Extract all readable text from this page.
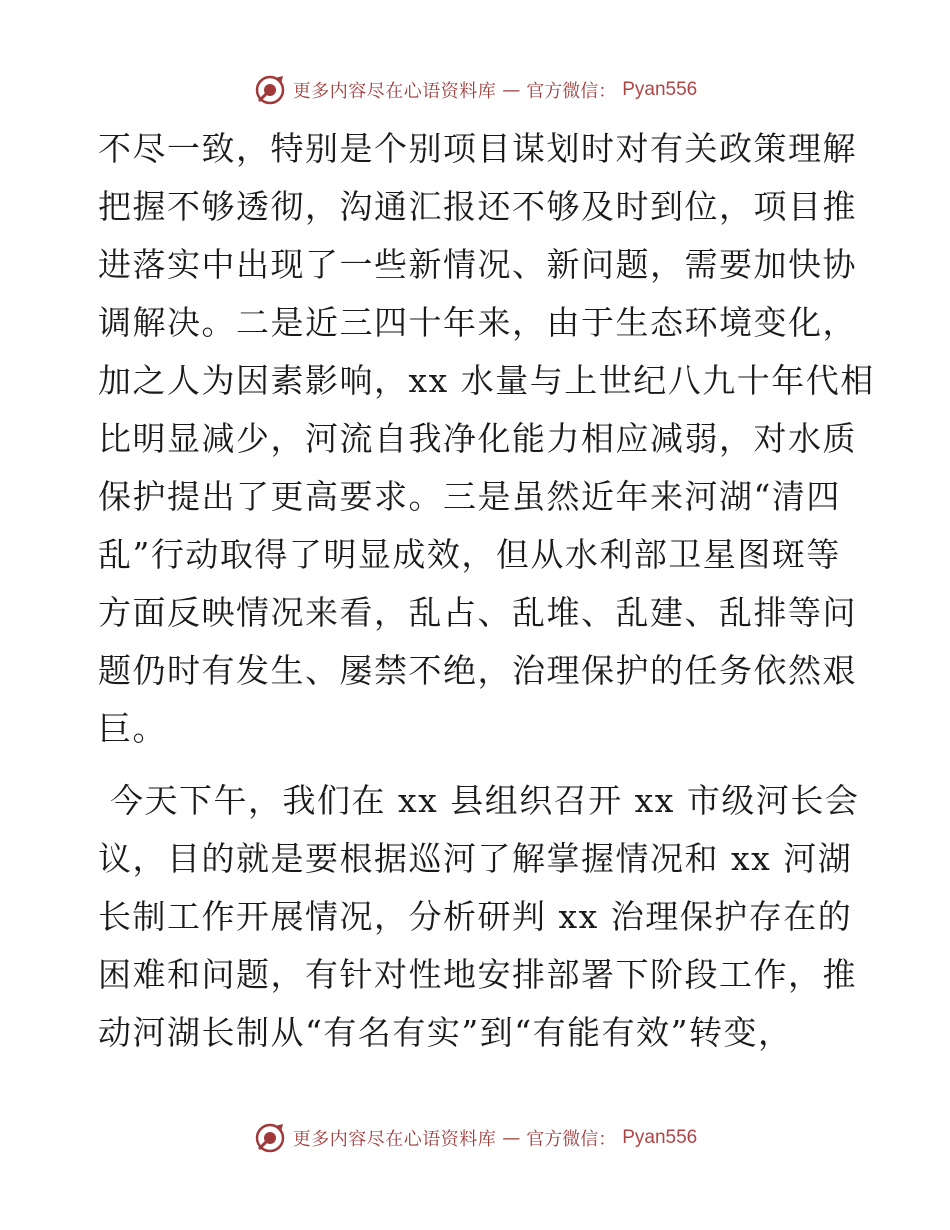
更多内容尽在心语资料库 — 官方微信： Pyan556
不尽一致，特别是个别项目谋划时对有关政策理解
把握不够透彻，沟通汇报还不够及时到位，项目推
进落实中出现了一些新情况、新问题，需要加快协
调解决。二是近三四十年来，由于生态环境变化，
加之人为因素影响，xx 水量与上世纪八九十年代相
比明显减少，河流自我净化能力相应减弱，对水质
保护提出了更高要求。三是虽然近年来河湖“清四
乱”行动取得了明显成效，但从水利部卫星图斑等
方面反映情况来看，乱占、乱堆、乱建、乱排等问
题仍时有发生、屡禁不绝，治理保护的任务依然艰
巨。
今天下午，我们在 xx 县组织召开 xx 市级河长会
议，目的就是要根据巡河了解掌握情况和 xx 河湖
长制工作开展情况，分析研判 xx 治理保护存在的
困难和问题，有针对性地安排部署下阶段工作，推
动河湖长制从“有名有实”到“有能有效”转变，
更多内容尽在心语资料库 — 官方微信： Pyan556
